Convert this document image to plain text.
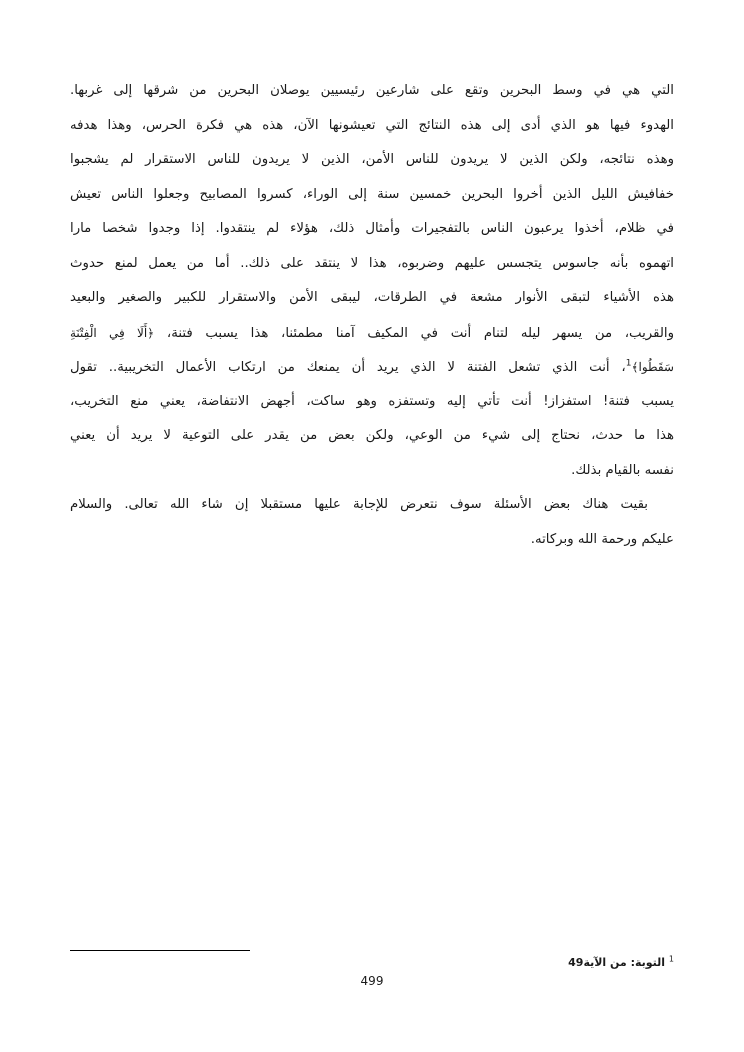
التي هي في وسط البحرين وتقع على شارعين رئيسيين يوصلان البحرين من شرقها إلى غربها.
الهدوء فيها هو الذي أدى إلى هذه النتائج التي تعيشونها الآن، هذه هي فكرة الحرس، وهذا هدفه
وهذه نتائجه، ولكن الذين لا يريدون للناس الأمن، الذين لا يريدون للناس الاستقرار لم يشجبوا
خفافيش الليل الذين أخروا البحرين خمسين سنة إلى الوراء، كسروا المصابيح وجعلوا الناس تعيش
في ظلام، أخذوا يرعبون الناس بالتفجيرات وأمثال ذلك، هؤلاء لم ينتقدوا. إذا وجدوا شخصا مارا
اتهموه بأنه جاسوس يتجسس عليهم وضربوه، هذا لا ينتقد على ذلك.. أما من يعمل لمنع حدوث
هذه الأشياء لتبقى الأنوار مشعة في الطرقات، ليبقى الأمن والاستقرار للكبير والصغير والبعيد
والقريب، من يسهر ليله لتنام أنت في المكيف آمنا مطمئنا، هذا يسبب فتنة، ﴿أَلَا فِي الْفِتْنَةِ
سَقَطُوا﴾$^1$، أنت الذي تشعل الفتنة لا الذي يريد أن يمنعك من ارتكاب الأعمال التخريبية.. تقول
يسبب فتنة! استفزاز! أنت تأتي إليه وتستفزه وهو ساكت، أجهض الانتفاضة، يعني منع التخريب،
هذا ما حدث، نحتاج إلى شيء من الوعي، ولكن بعض من يقدر على التوعية لا يريد أن يعني
نفسه بالقيام بذلك.
بقيت هناك بعض الأسئلة سوف نتعرض للإجابة عليها مستقبلا إن شاء الله تعالى. والسلام
عليكم ورحمة الله وبركاته.
$^1$ التوبة: من الآية49
499
